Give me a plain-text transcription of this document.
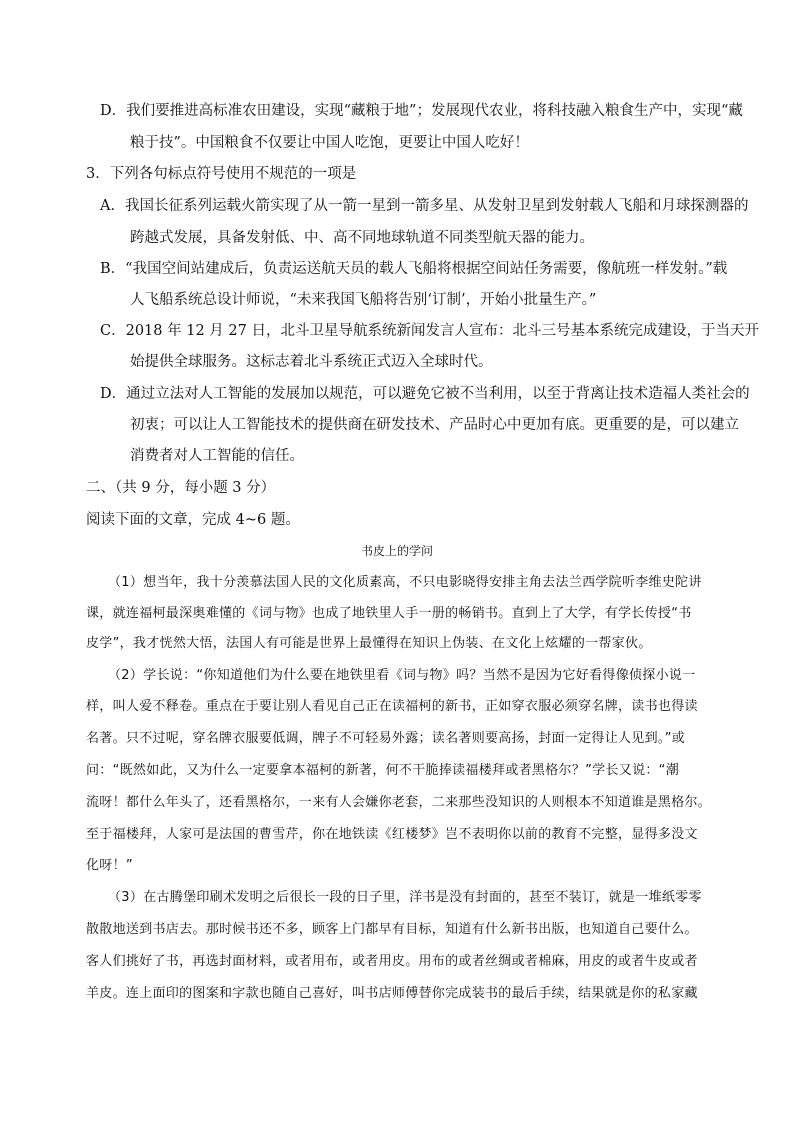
D．我们要推进高标准农田建设，实现“藏粮于地”；发展现代农业，将科技融入粮食生产中，实现“藏
粮于技”。中国粮食不仅要让中国人吃饱，更要让中国人吃好！
3．下列各句标点符号使用不规范的一项是
A．我国长征系列运载火箭实现了从一箭一星到一箭多星、从发射卫星到发射载人飞船和月球探测器的
跨越式发展，具备发射低、中、高不同地球轨道不同类型航天器的能力。
B．“我国空间站建成后，负责运送航天员的载人飞船将根据空间站任务需要，像航班一样发射。”载
人飞船系统总设计师说，“未来我国飞船将告别‘订制’，开始小批量生产。”
C．2018 年 12 月 27 日，北斗卫星导航系统新闻发言人宣布：北斗三号基本系统完成建设，于当天开
始提供全球服务。这标志着北斗系统正式迈入全球时代。
D．通过立法对人工智能的发展加以规范，可以避免它被不当利用，以至于背离让技术造福人类社会的
初衷；可以让人工智能技术的提供商在研发技术、产品时心中更加有底。更重要的是，可以建立
消费者对人工智能的信任。
二、（共 9 分，每小题 3 分）
阅读下面的文章，完成 4~6 题。
书皮上的学问
（1）想当年，我十分羡慕法国人民的文化质素高，不只电影晓得安排主角去法兰西学院听李维史陀讲
课，就连福柯最深奥难懂的《词与物》也成了地铁里人手一册的畅销书。直到上了大学，有学长传授“书
皮学”，我才恍然大悟，法国人有可能是世界上最懂得在知识上伪装、在文化上炫耀的一帮家伙。
（2）学长说：“你知道他们为什么要在地铁里看《词与物》吗？当然不是因为它好看得像侦探小说一
样，叫人爱不释卷。重点在于要让别人看见自己正在读福柯的新书，正如穿衣服必须穿名牌，读书也得读
名著。只不过呢，穿名牌衣服要低调，牌子不可轻易外露；读名著则要高扬，封面一定得让人见到。”或
问：“既然如此，又为什么一定要拿本福柯的新著，何不干脆捧读福楼拜或者黑格尔？”学长又说：“潮
流呀！都什么年头了，还看黑格尔，一来有人会嫌你老套，二来那些没知识的人则根本不知道谁是黑格尔。
至于福楼拜，人家可是法国的曹雪芹，你在地铁读《红楼梦》岂不表明你以前的教育不完整，显得多没文
化呀！”
（3）在古腾堡印刷术发明之后很长一段的日子里，洋书是没有封面的，甚至不装订，就是一堆纸零零
散散地送到书店去。那时候书还不多，顾客上门都早有目标，知道有什么新书出版，也知道自己要什么。
客人们挑好了书，再选封面材料，或者用布，或者用皮。用布的或者丝绸或者棉麻，用皮的或者牛皮或者
羊皮。连上面印的图案和字款也随自己喜好，叫书店师傅替你完成装书的最后手续，结果就是你的私家藏
